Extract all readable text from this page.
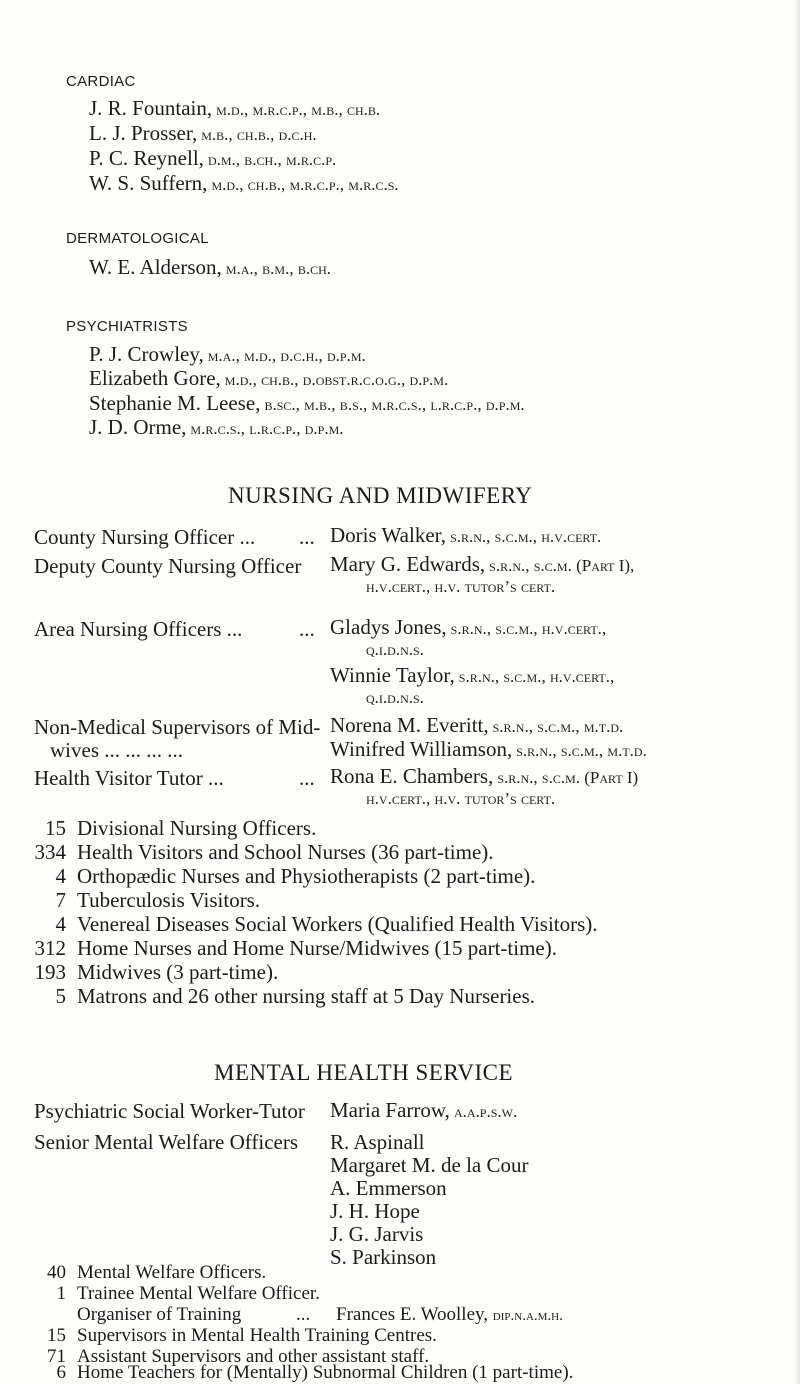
CARDIAC
J. R. Fountain, m.d., m.r.c.p., m.b., ch.b.
L. J. Prosser, m.b., ch.b., d.c.h.
P. C. Reynell, d.m., b.ch., m.r.c.p.
W. S. Suffern, m.d., ch.b., m.r.c.p., m.r.c.s.
DERMATOLOGICAL
W. E. Alderson, m.a., b.m., b.ch.
PSYCHIATRISTS
P. J. Crowley, m.a., m.d., d.c.h., d.p.m.
Elizabeth Gore, m.d., ch.b., d.obst.r.c.o.g., d.p.m.
Stephanie M. Leese, b.sc., m.b., b.s., m.r.c.s., l.r.c.p., d.p.m.
J. D. Orme, m.r.c.s., l.r.c.p., d.p.m.
NURSING AND MIDWIFERY
County Nursing Officer ... ... Doris Walker, s.r.n., s.c.m., h.v.cert.
Deputy County Nursing Officer Mary G. Edwards, s.r.n., s.c.m. (Part I),
h.v.cert., h.v. tutor’s cert.
Area Nursing Officers ...	... Gladys Jones, s.r.n., s.c.m., h.v.cert.,
q.i.d.n.s.
Winnie Taylor, s.r.n., s.c.m., h.v.cert.,
q.i.d.n.s.
Non-Medical Supervisors of Mid-
wives ... ... ... ...
Norena M. Everitt, s.r.n., s.c.m., m.t.d.
Winifred Williamson, s.r.n., s.c.m., m.t.d.
Health Visitor Tutor ...	... Rona E. Chambers, s.r.n., s.c.m. (Part I)
h.v.cert., h.v. tutor’s cert.
15 Divisional Nursing Officers.
334 Health Visitors and School Nurses (36 part-time).
4 Orthopædic Nurses and Physiotherapists (2 part-time).
7 Tuberculosis Visitors.
4 Venereal Diseases Social Workers (Qualified Health Visitors).
312 Home Nurses and Home Nurse/Midwives (15 part-time).
193 Midwives (3 part-time).
5 Matrons and 26 other nursing staff at 5 Day Nurseries.
MENTAL HEALTH SERVICE
Psychiatric Social Worker-Tutor Maria Farrow, a.a.p.s.w.
Senior Mental Welfare Officers R. Aspinall
Margaret M. de la Cour
A. Emmerson
J. H. Hope
J. G. Jarvis
S. Parkinson
40 Mental Welfare Officers.
1 Trainee Mental Welfare Officer.
Organiser of Training	... Frances E. Woolley, dip.n.a.m.h.
15 Supervisors in Mental Health Training Centres.
71 Assistant Supervisors and other assistant staff.
6 Home Teachers for (Mentally) Subnormal Children (1 part-time).
